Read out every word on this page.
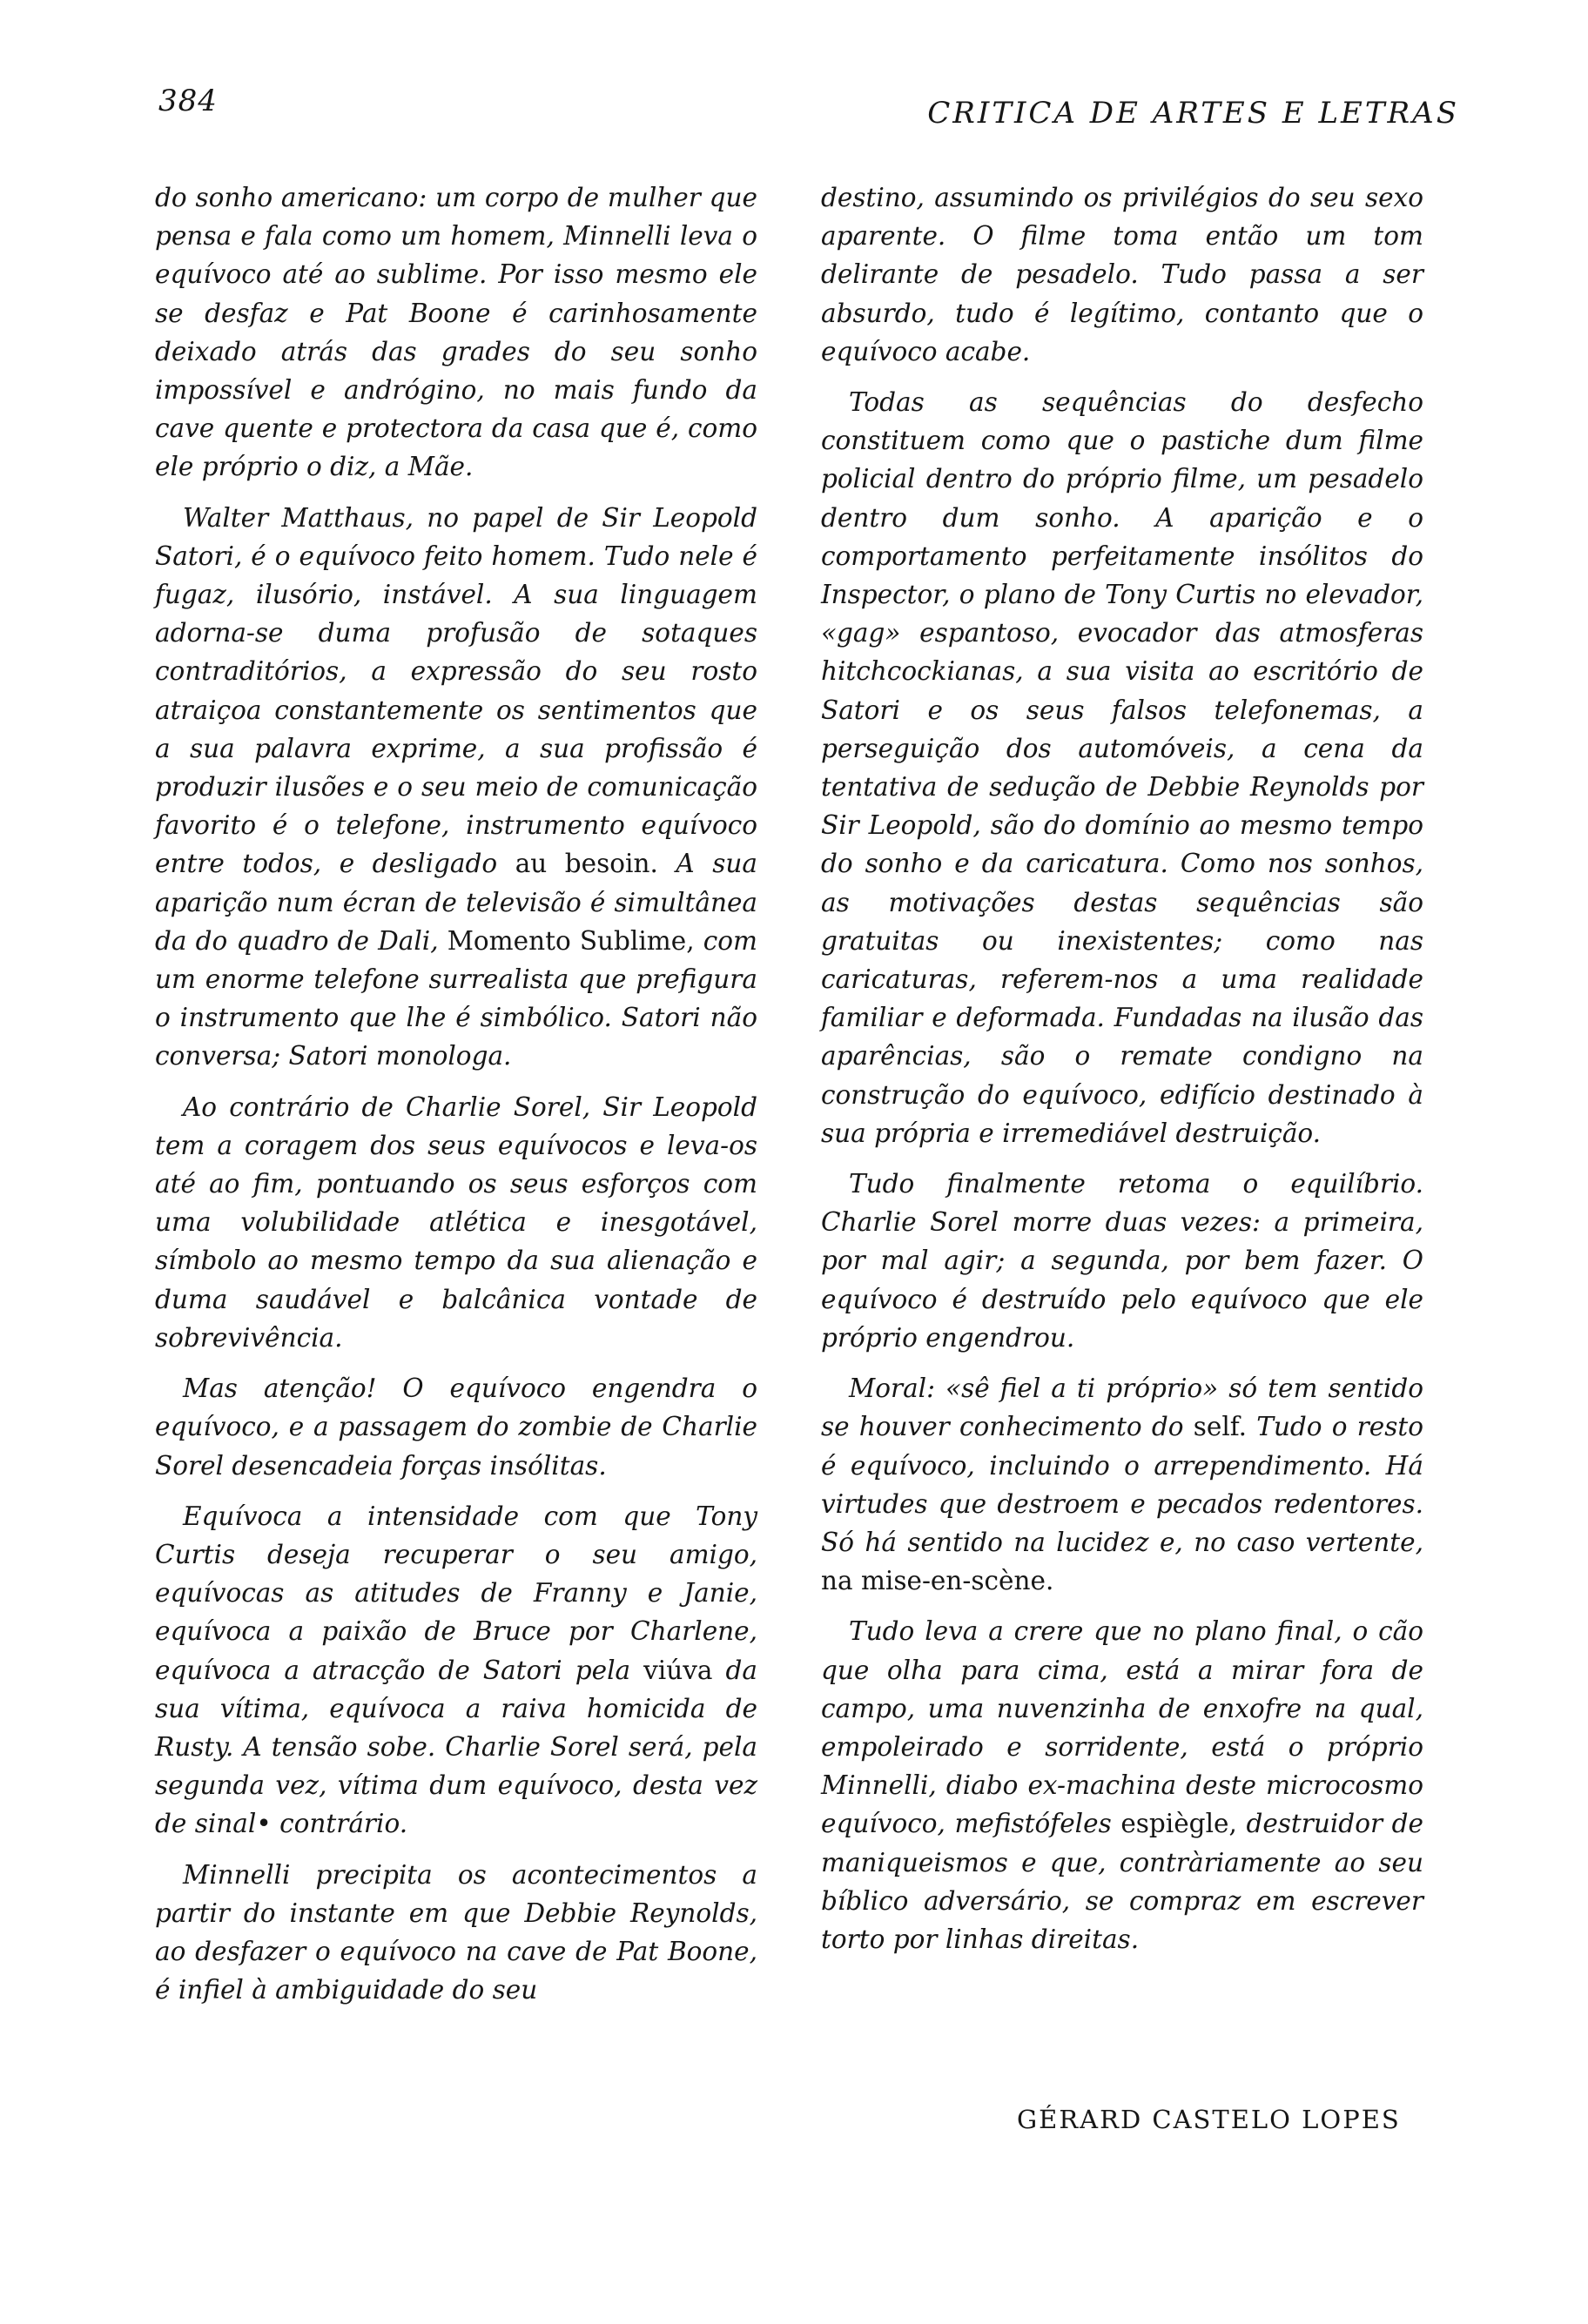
384	CRITICA DE ARTES E LETRAS

do sonho americano: um corpo de mulher que pensa e fala como um homem, Minnelli leva o equívoco até ao sublime. Por isso mesmo ele se desfaz e Pat Boone é carinhosamente deixado atrás das grades do seu sonho impossível e andrógino, no mais fundo da cave quente e protectora da casa que é, como ele próprio o diz, a Mãe.

Walter Matthaus, no papel de Sir Leopold Satori, é o equívoco feito homem. Tudo nele é fugaz, ilusório, instável. A sua linguagem adorna-se duma profusão de sotaques contraditórios, a expressão do seu rosto atraiçoa constantemente os sentimentos que a sua palavra exprime, a sua profissão é produzir ilusões e o seu meio de comunicação favorito é o telefone, instrumento equívoco entre todos, e desligado au besoin. A sua aparição num écran de televisão é simultânea da do quadro de Dali, Momento Sublime, com um enorme telefone surrealista que prefigura o instrumento que lhe é simbólico. Satori não conversa; Satori monologa.

Ao contrário de Charlie Sorel, Sir Leopold tem a coragem dos seus equívocos e leva-os até ao fim, pontuando os seus esforços com uma volubilidade atlética e inesgotável, símbolo ao mesmo tempo da sua alienação e duma saudável e balcânica vontade de sobrevivência.

Mas atenção! O equívoco engendra o equívoco, e a passagem do zombie de Charlie Sorel desencadeia forças insólitas.

Equívoca a intensidade com que Tony Curtis deseja recuperar o seu amigo, equívocas as atitudes de Franny e Janie, equívoca a paixão de Bruce por Charlene, equívoca a atracção de Satori pela viúva da sua vítima, equívoca a raiva homicida de Rusty. A tensão sobe. Charlie Sorel será, pela segunda vez, vítima dum equívoco, desta vez de sinal• contrário.

Minnelli precipita os acontecimentos a partir do instante em que Debbie Reynolds, ao desfazer o equívoco na cave de Pat Boone, é infiel à ambiguidade do seu

destino, assumindo os privilégios do seu sexo aparente. O filme toma então um tom delirante de pesadelo. Tudo passa a ser absurdo, tudo é legítimo, contanto que o equívoco acabe.

Todas as sequências do desfecho constituem como que o pastiche dum filme policial dentro do próprio filme, um pesadelo dentro dum sonho. A aparição e o comportamento perfeitamente insólitos do Inspector, o plano de Tony Curtis no elevador, «gag» espantoso, evocador das atmosferas hitchcockianas, a sua visita ao escritório de Satori e os seus falsos telefonemas, a perseguição dos automóveis, a cena da tentativa de sedução de Debbie Reynolds por Sir Leopold, são do domínio ao mesmo tempo do sonho e da caricatura. Como nos sonhos, as motivações destas sequências são gratuitas ou inexistentes; como nas caricaturas, referem-nos a uma realidade familiar e deformada. Fundadas na ilusão das aparências, são o remate condigno na construção do equívoco, edifício destinado à sua própria e irremediável destruição.

Tudo finalmente retoma o equilíbrio. Charlie Sorel morre duas vezes: a primeira, por mal agir; a segunda, por bem fazer. O equívoco é destruído pelo equívoco que ele próprio engendrou.

Moral: «sê fiel a ti próprio» só tem sentido se houver conhecimento do self. Tudo o resto é equívoco, incluindo o arrependimento. Há virtudes que destroem e pecados redentores. Só há sentido na lucidez e, no caso vertente, na mise-en-scène.

Tudo leva a crere que no plano final, o cão que olha para cima, está a mirar fora de campo, uma nuvenzinha de enxofre na qual, empoleirado e sorridente, está o próprio Minnelli, diabo ex-machina deste microcosmo equívoco, mefistófeles espiègle, destruidor de maniqueismos e que, contràriamente ao seu bíblico adversário, se compraz em escrever torto por linhas direitas.

GÉRARD CASTELO LOPES
